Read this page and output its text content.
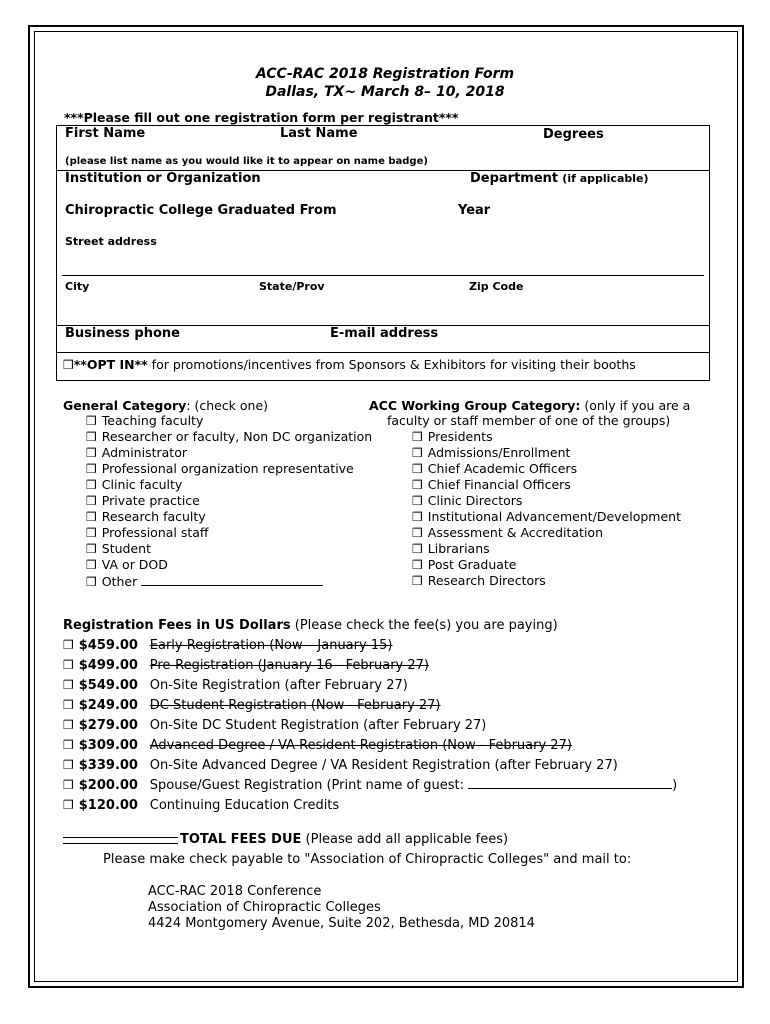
ACC-RAC 2018 Registration Form
Dallas, TX~ March 8– 10, 2018
***Please fill out one registration form per registrant***
First Name	Last Name	Degrees
(please list name as you would like it to appear on name badge)
Institution or Organization	Department (if applicable)
Chiropractic College Graduated From	Year
Street address
City	State/Prov	Zip Code
Business phone	E-mail address
❒**OPT IN** for promotions/incentives from Sponsors & Exhibitors for visiting their booths
General Category: (check one)
❒ Teaching faculty
❒ Researcher or faculty, Non DC organization
❒ Administrator
❒ Professional organization representative
❒ Clinic faculty
❒ Private practice
❒ Research faculty
❒ Professional staff
❒ Student
❒ VA or DOD
❒ Other
ACC Working Group Category: (only if you are a
faculty or staff member of one of the groups)
❒ Presidents
❒ Admissions/Enrollment
❒ Chief Academic Officers
❒ Chief Financial Officers
❒ Clinic Directors
❒ Institutional Advancement/Development
❒ Assessment & Accreditation
❒ Librarians
❒ Post Graduate
❒ Research Directors
Registration Fees in US Dollars (Please check the fee(s) you are paying)
❒ $459.00 Early Registration (Now – January 15)
❒ $499.00 Pre-Registration (January 16 - February 27)
❒ $549.00 On-Site Registration (after February 27)
❒ $249.00 DC Student Registration (Now - February 27)
❒ $279.00 On-Site DC Student Registration (after February 27)
❒ $309.00 Advanced Degree / VA Resident Registration (Now - February 27)
❒ $339.00 On-Site Advanced Degree / VA Resident Registration (after February 27)
❒ $200.00 Spouse/Guest Registration (Print name of guest:	)
❒ $120.00 Continuing Education Credits
TOTAL FEES DUE (Please add all applicable fees)
Please make check payable to "Association of Chiropractic Colleges" and mail to:
ACC-RAC 2018 Conference
Association of Chiropractic Colleges
4424 Montgomery Avenue, Suite 202, Bethesda, MD 20814
